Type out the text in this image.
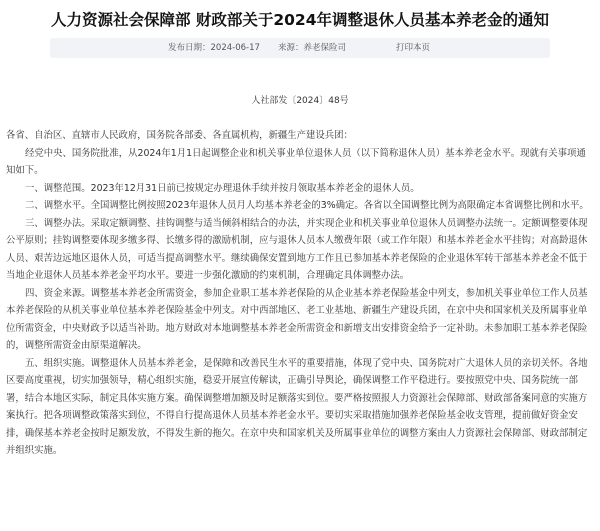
人力资源社会保障部 财政部关于2024年调整退休人员基本养老金的通知
发布日期：2024-06-17 来源：养老保险司	打印本页
人社部发〔2024〕48号

各省、自治区、直辖市人民政府，国务院各部委、各直属机构，新疆生产建设兵团：

经党中央、国务院批准，从2024年1月1日起调整企业和机关事业单位退休人员（以下简称退休人员）基本养老金水平。现就有关事项通知如下。

一、调整范围。2023年12月31日前已按规定办理退休手续并按月领取基本养老金的退休人员。

二、调整水平。全国调整比例按照2023年退休人员月人均基本养老金的3%确定。各省以全国调整比例为高限确定本省调整比例和水平。

三、调整办法。采取定额调整、挂钩调整与适当倾斜相结合的办法，并实现企业和机关事业单位退休人员调整办法统一。定额调整要体现公平原则；挂钩调整要体现多缴多得、长缴多得的激励机制，应与退休人员本人缴费年限（或工作年限）和基本养老金水平挂钩；对高龄退休人员、艰苦边远地区退休人员，可适当提高调整水平。继续确保安置到地方工作且已参加基本养老保险的企业退休军转干部基本养老金不低于当地企业退休人员基本养老金平均水平。要进一步强化激励的约束机制，合理确定具体调整办法。

四、资金来源。调整基本养老金所需资金，参加企业职工基本养老保险的从企业基本养老保险基金中列支，参加机关事业单位工作人员基本养老保险的从机关事业单位基本养老保险基金中列支。对中西部地区、老工业基地、新疆生产建设兵团，在京中央和国家机关及所属事业单位所需资金，中央财政予以适当补助。地方财政对本地调整基本养老金所需资金和新增支出安排资金给予一定补助。未参加职工基本养老保险的，调整所需资金由原渠道解决。

五、组织实施。调整退休人员基本养老金，是保障和改善民生水平的重要措施，体现了党中央、国务院对广大退休人员的亲切关怀。各地区要高度重视，切实加强领导，精心组织实施，稳妥开展宣传解读，正确引导舆论，确保调整工作平稳进行。要按照党中央、国务院统一部署，结合本地区实际，制定具体实施方案。确保调整增加额及时足额落实到位。要严格按照报人力资源社会保障部、财政部备案同意的实施方案执行。把各项调整政策落实到位，不得自行提高退休人员基本养老金水平。要切实采取措施加强养老保险基金收支管理，提前做好资金安排，确保基本养老金按时足额发放，不得发生新的拖欠。在京中央和国家机关及所属事业单位的调整方案由人力资源社会保障部、财政部制定并组织实施。
